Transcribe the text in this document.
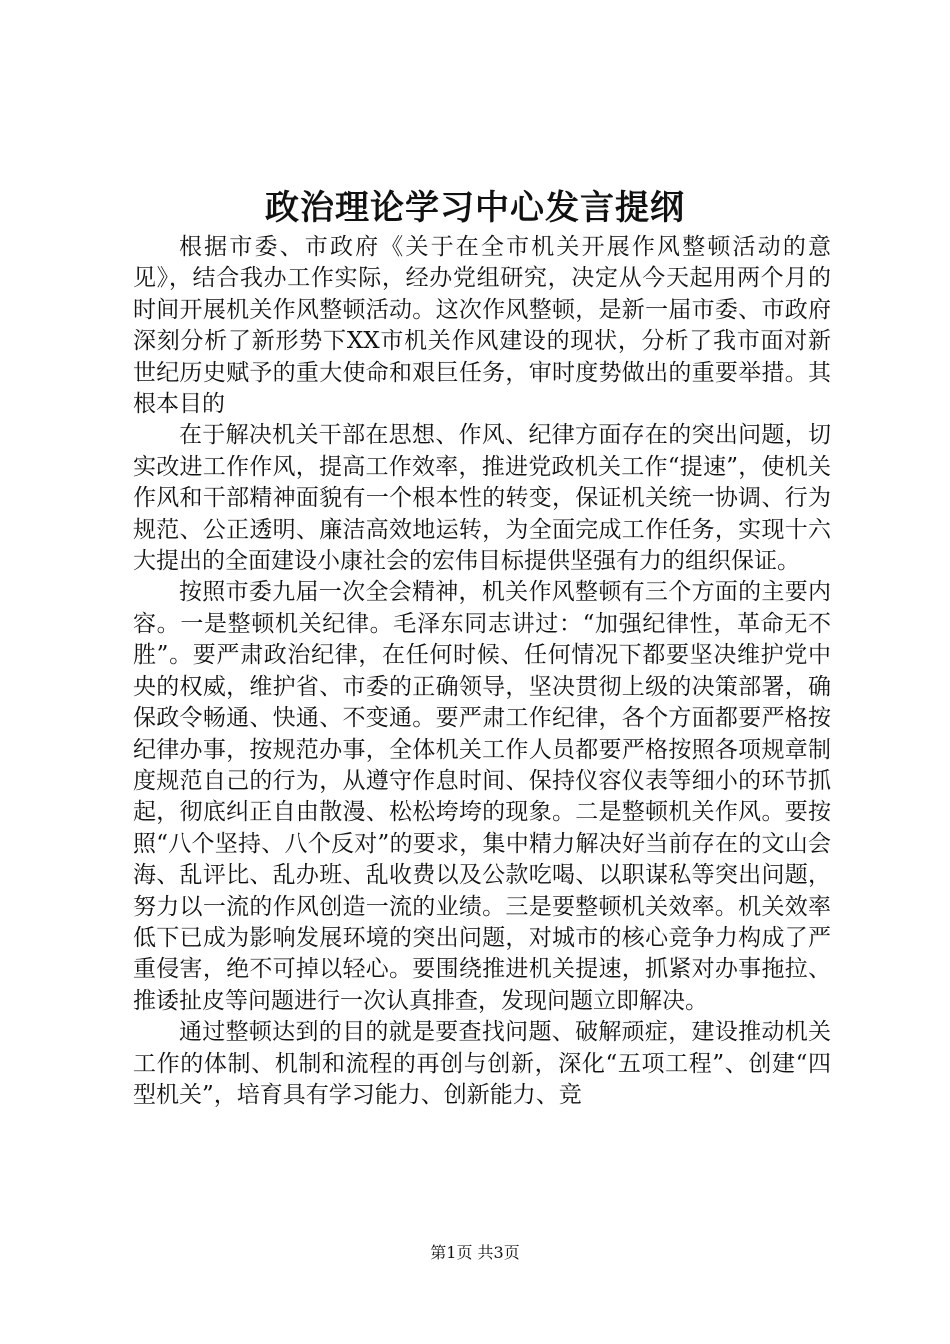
政治理论学习中心发言提纲

根据市委、市政府《关于在全市机关开展作风整顿活动的意见》，结合我办工作实际，经办党组研究，决定从今天起用两个月的时间开展机关作风整顿活动。这次作风整顿，是新一届市委、市政府深刻分析了新形势下XX市机关作风建设的现状，分析了我市面对新世纪历史赋予的重大使命和艰巨任务，审时度势做出的重要举措。其根本目的

在于解决机关干部在思想、作风、纪律方面存在的突出问题，切实改进工作作风，提高工作效率，推进党政机关工作“提速”，使机关作风和干部精神面貌有一个根本性的转变，保证机关统一协调、行为规范、公正透明、廉洁高效地运转，为全面完成工作任务，实现十六大提出的全面建设小康社会的宏伟目标提供坚强有力的组织保证。

按照市委九届一次全会精神，机关作风整顿有三个方面的主要内容。一是整顿机关纪律。毛泽东同志讲过：“加强纪律性，革命无不胜”。要严肃政治纪律，在任何时候、任何情况下都要坚决维护党中央的权威，维护省、市委的正确领导，坚决贯彻上级的决策部署，确保政令畅通、快通、不变通。要严肃工作纪律，各个方面都要严格按纪律办事，按规范办事，全体机关工作人员都要严格按照各项规章制度规范自己的行为，从遵守作息时间、保持仪容仪表等细小的环节抓起，彻底纠正自由散漫、松松垮垮的现象。二是整顿机关作风。要按照“八个坚持、八个反对”的要求，集中精力解决好当前存在的文山会海、乱评比、乱办班、乱收费以及公款吃喝、以职谋私等突出问题，努力以一流的作风创造一流的业绩。三是要整顿机关效率。机关效率低下已成为影响发展环境的突出问题，对城市的核心竞争力构成了严重侵害，绝不可掉以轻心。要围绕推进机关提速，抓紧对办事拖拉、推诿扯皮等问题进行一次认真排查，发现问题立即解决。

通过整顿达到的目的就是要查找问题、破解顽症，建设推动机关工作的体制、机制和流程的再创与创新，深化“五项工程”、创建“四型机关”，培育具有学习能力、创新能力、竞

第1页 共3页
